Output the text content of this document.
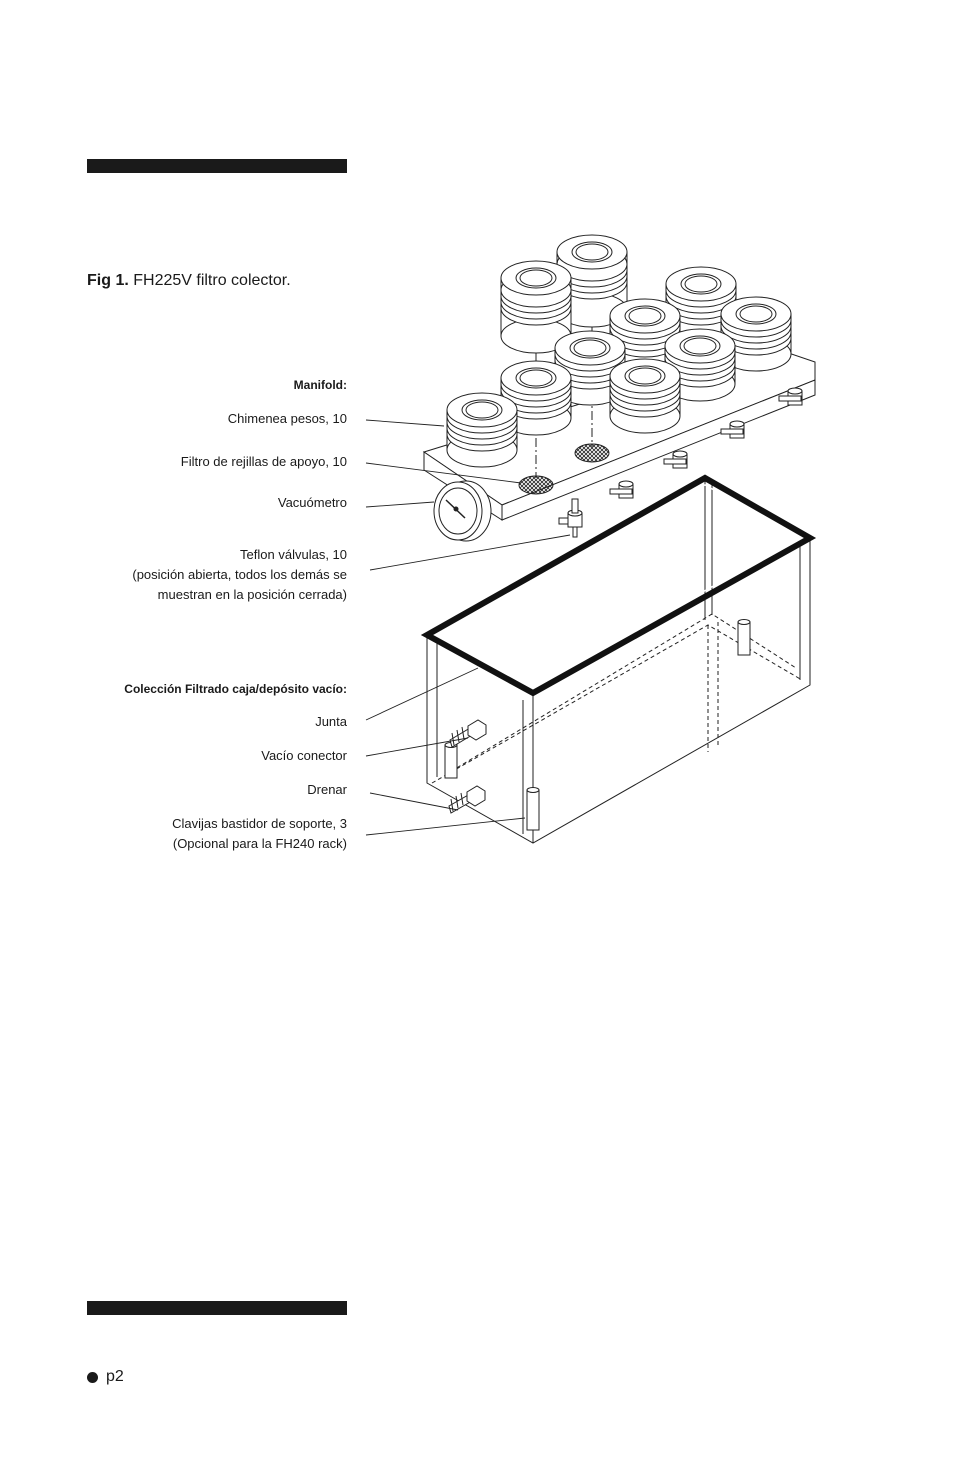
Fig 1. FH225V filtro colector.
Manifold:
Chimenea pesos, 10
Filtro de rejillas de apoyo, 10
Vacuómetro
Teflon válvulas, 10
(posición abierta, todos los demás se
muestran en la posición cerrada)
Colección Filtrado caja/depósito vacío:
Junta
Vacío conector
Drenar
Clavijas bastidor de soporte, 3
(Opcional para la FH240 rack)
p2
